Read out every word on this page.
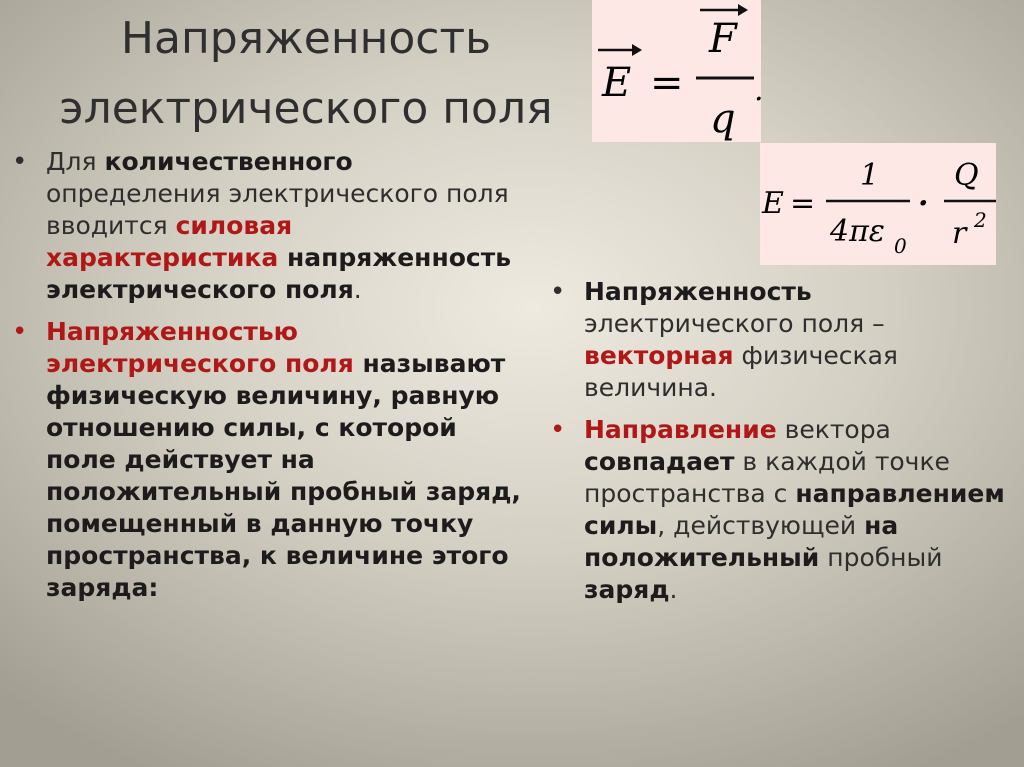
Напряженность
электрического поля	E =
F
q
.
E =
1
4πε 0
·
Q
r 2
• Для количественного определения электрического поля вводится силовая характеристика напряженность электрического поля.
• Напряженностью электрического поля называют физическую величину, равную отношению силы, с которой поле действует на положительный пробный заряд, помещенный в данную точку пространства, к величине этого заряда:
• Напряженность электрического поля – векторная физическая величина.
• Направление вектора совпадает в каждой точке пространства с направлением силы, действующей на положительный пробный заряд.
